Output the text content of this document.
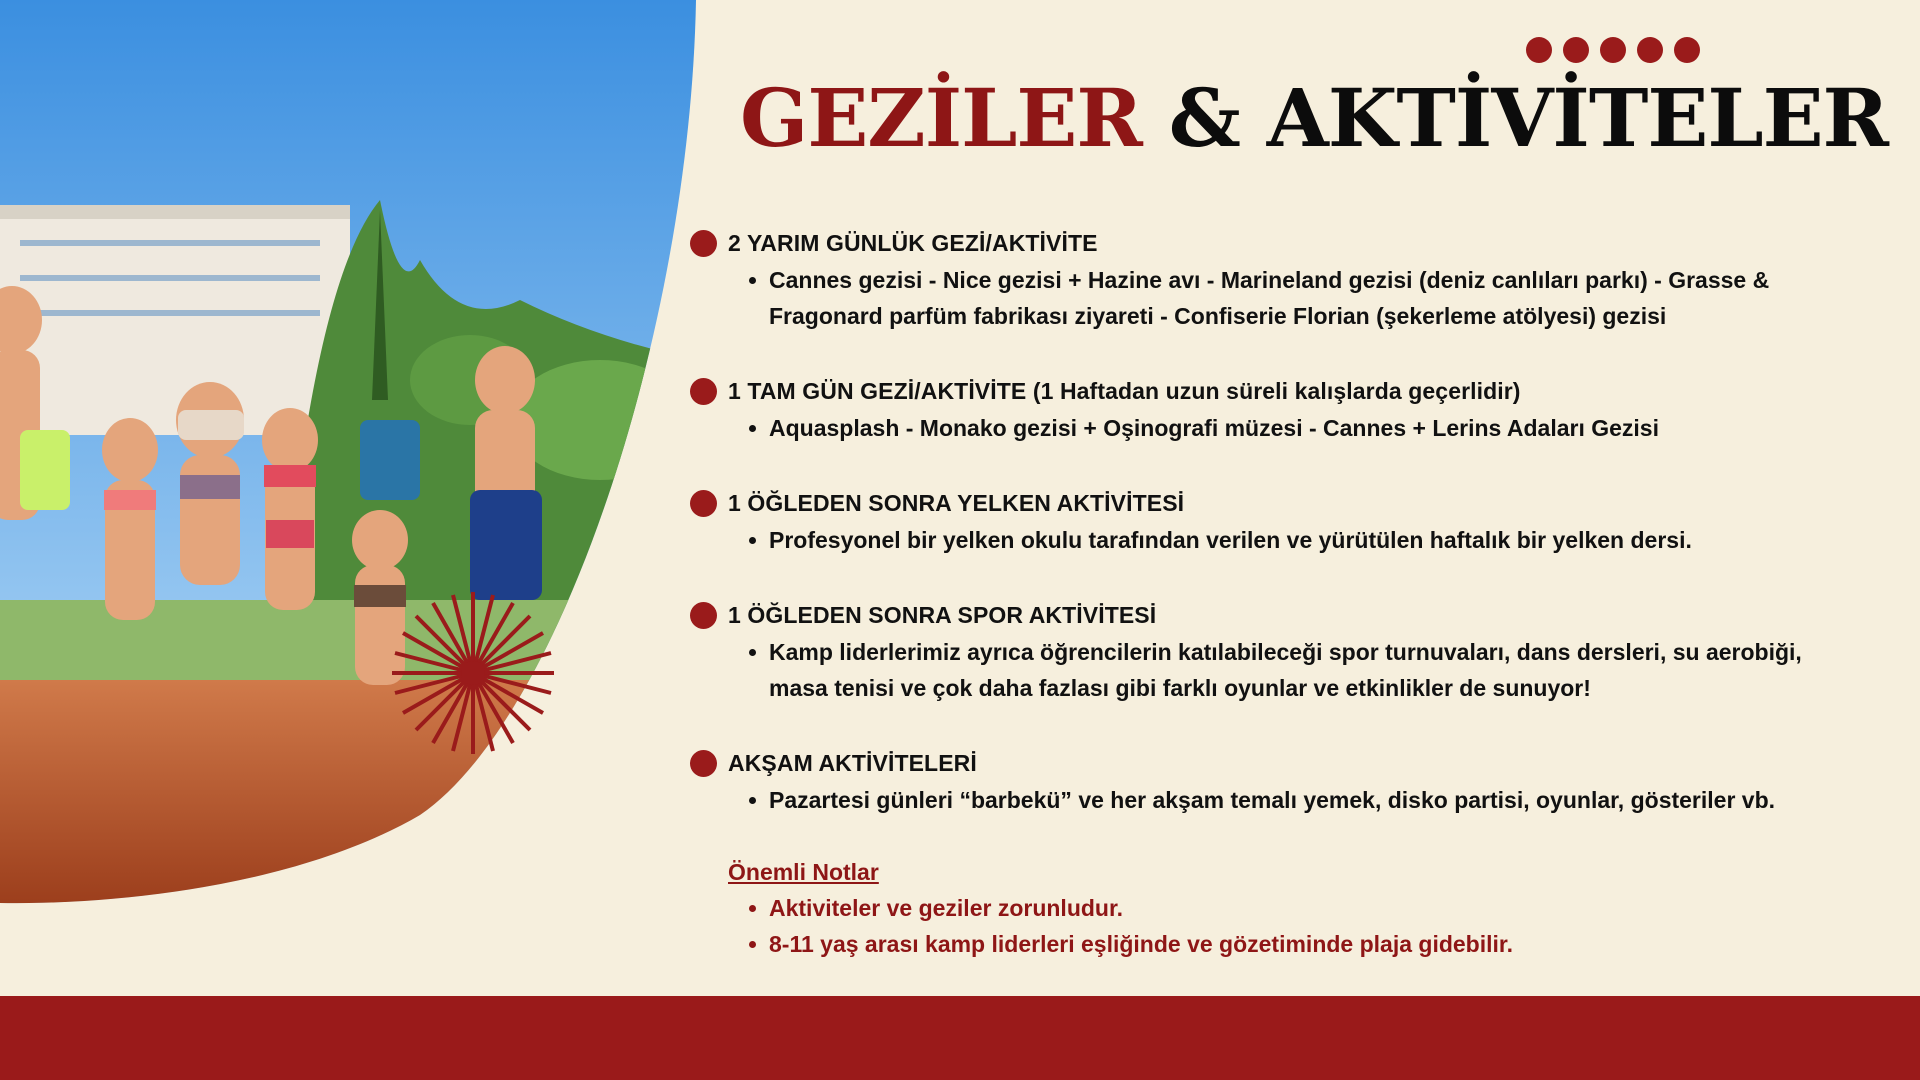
GEZİLER & AKTİVİTELER
2 YARIM GÜNLÜK GEZİ/AKTİVİTE
Cannes gezisi - Nice gezisi + Hazine avı - Marineland gezisi (deniz canlıları parkı) - Grasse & Fragonard parfüm fabrikası ziyareti - Confiserie Florian (şekerleme atölyesi) gezisi
1 TAM GÜN GEZİ/AKTİVİTE (1 Haftadan uzun süreli kalışlarda geçerlidir)
Aquasplash - Monako gezisi + Oşinografi müzesi - Cannes + Lerins Adaları Gezisi
1 ÖĞLEDEN SONRA YELKEN AKTİVİTESİ
Profesyonel bir yelken okulu tarafından verilen ve yürütülen haftalık bir yelken dersi.
1 ÖĞLEDEN SONRA SPOR AKTİVİTESİ
Kamp liderlerimiz ayrıca öğrencilerin katılabileceği spor turnuvaları, dans dersleri, su aerobiği, masa tenisi ve çok daha fazlası gibi farklı oyunlar ve etkinlikler de sunuyor!
AKŞAM AKTİVİTELERİ
Pazartesi günleri “barbekü” ve her akşam temalı yemek, disko partisi, oyunlar, gösteriler vb.
Önemli Notlar
Aktiviteler ve geziler zorunludur.
8-11 yaş arası kamp liderleri eşliğinde ve gözetiminde plaja gidebilir.
